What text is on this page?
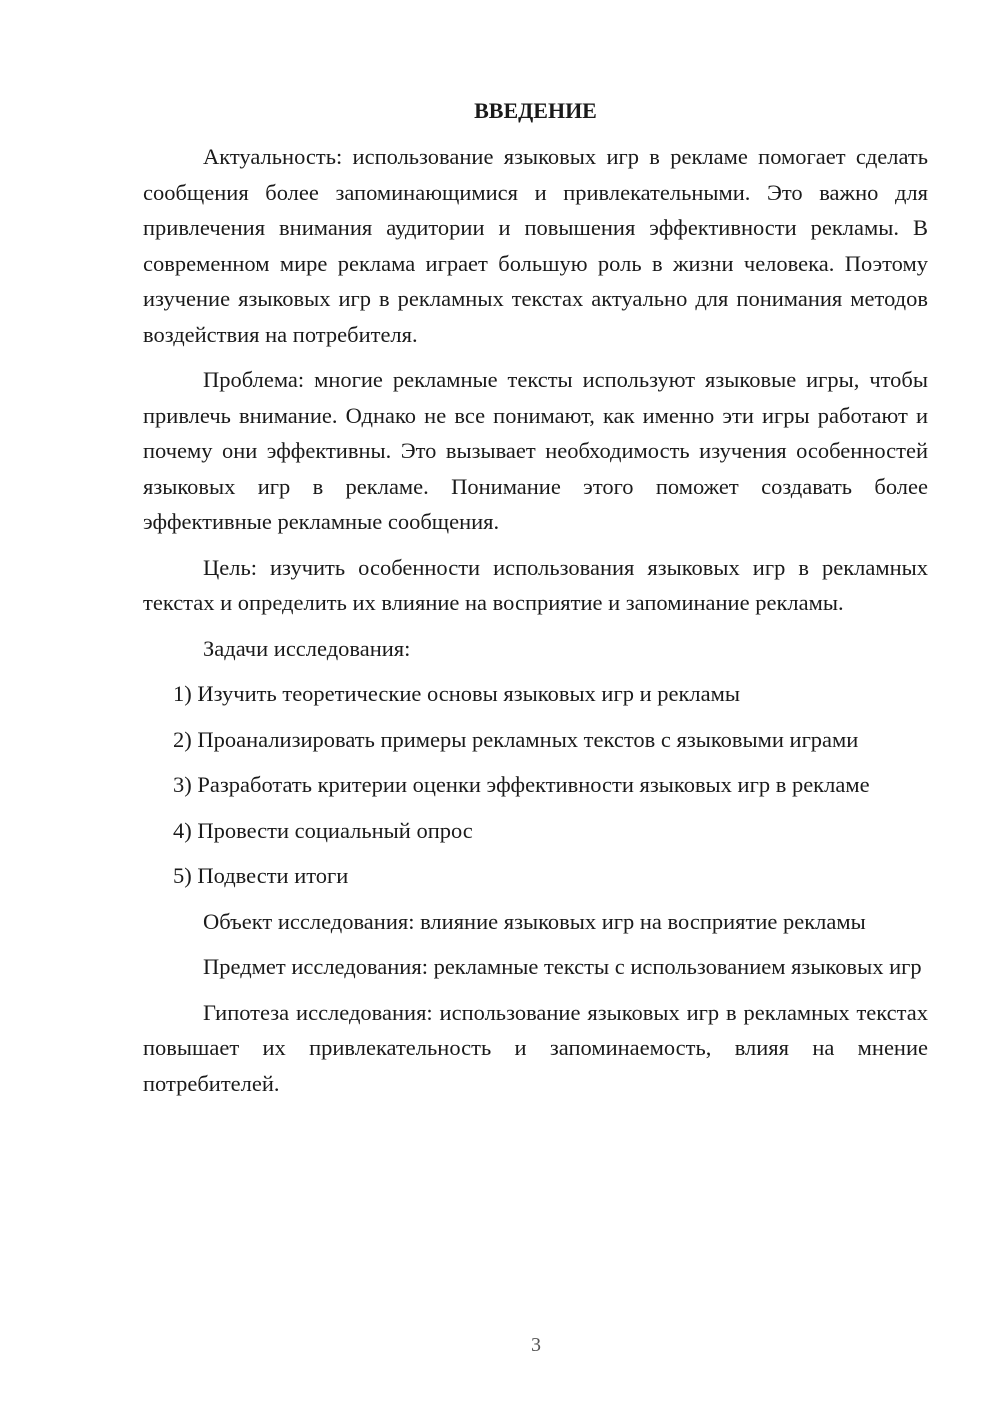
ВВЕДЕНИЕ

Актуальность: использование языковых игр в рекламе помогает сделать сообщения более запоминающимися и привлекательными. Это важно для привлечения внимания аудитории и повышения эффективности рекламы. В современном мире реклама играет большую роль в жизни человека. Поэтому изучение языковых игр в рекламных текстах актуально для понимания методов воздействия на потребителя.

Проблема: многие рекламные тексты используют языковые игры, чтобы привлечь внимание. Однако не все понимают, как именно эти игры работают и почему они эффективны. Это вызывает необходимость изучения особенностей языковых игр в рекламе. Понимание этого поможет создавать более эффективные рекламные сообщения.

Цель: изучить особенности использования языковых игр в рекламных текстах и определить их влияние на восприятие и запоминание рекламы.

Задачи исследования:

1) Изучить теоретические основы языковых игр и рекламы

2) Проанализировать примеры рекламных текстов с языковыми играми

3) Разработать критерии оценки эффективности языковых игр в рекламе

4) Провести социальный опрос

5) Подвести итоги

Объект исследования: влияние языковых игр на восприятие рекламы

Предмет исследования: рекламные тексты с использованием языковых игр

Гипотеза исследования: использование языковых игр в рекламных текстах повышает их привлекательность и запоминаемость, влияя на мнение потребителей.

3
